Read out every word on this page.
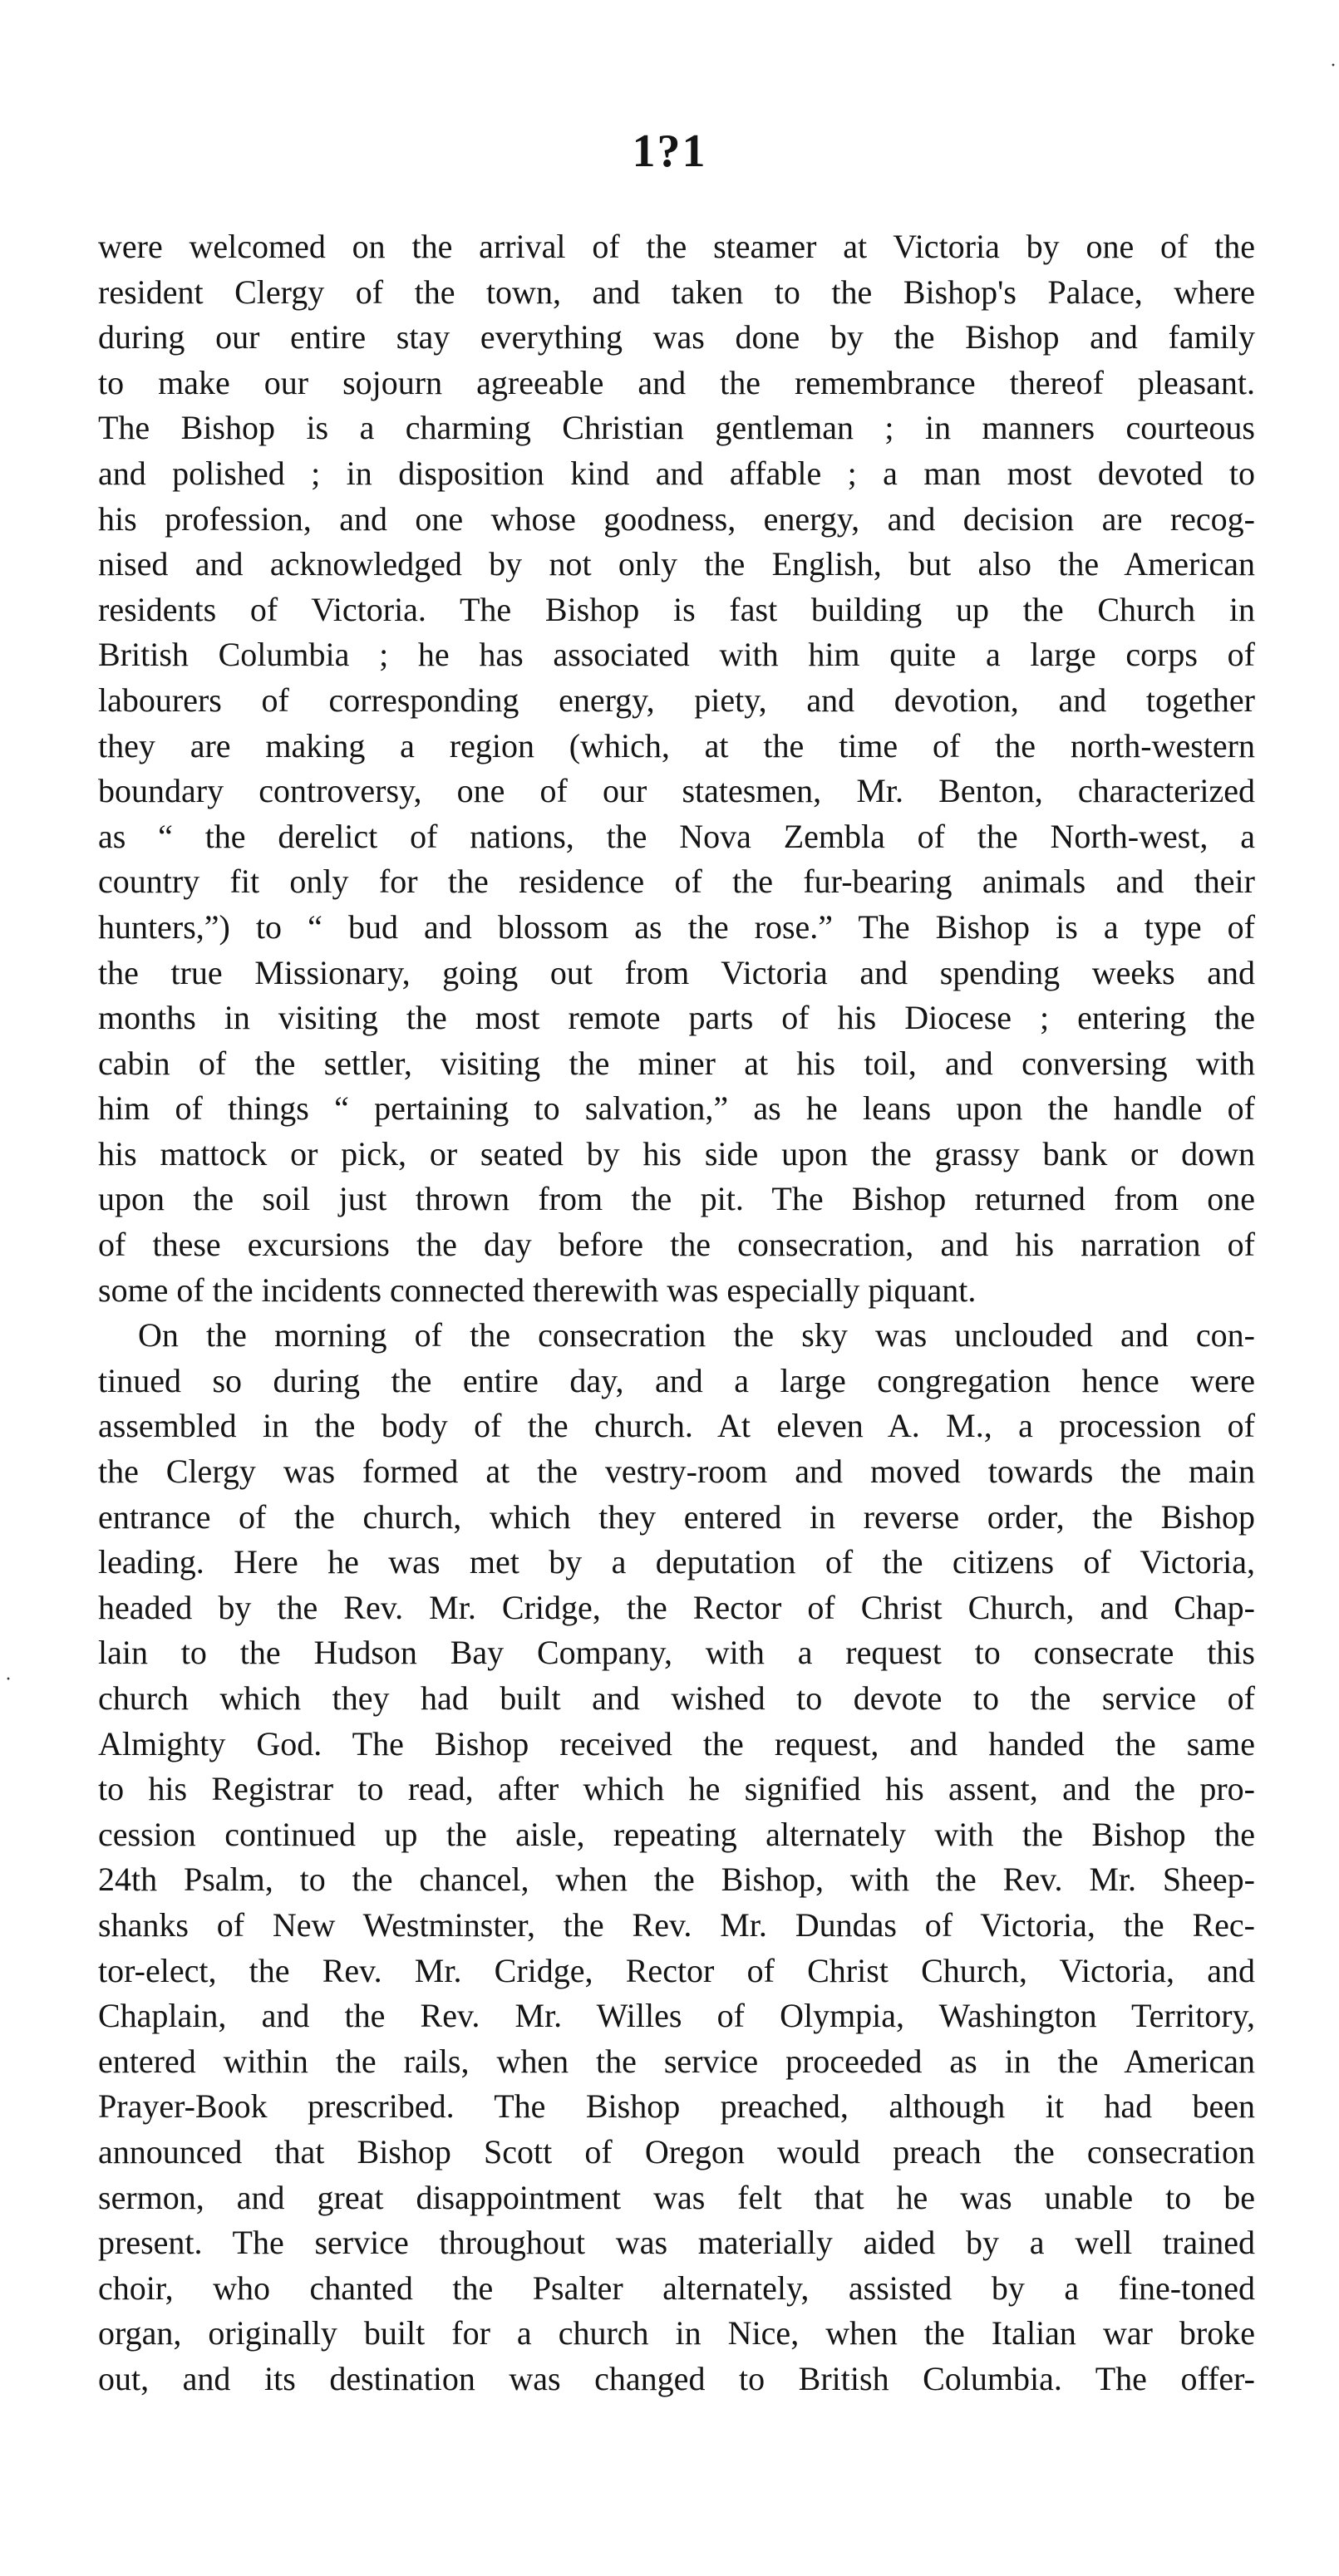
1?1
·
·
were welcomed on the arrival of the steamer at Victoria by one of the
resident Clergy of the town, and taken to the Bishop's Palace, where
during our entire stay everything was done by the Bishop and family
to make our sojourn agreeable and the remembrance thereof pleasant.
The Bishop is a charming Christian gentleman ; in manners courteous
and polished ; in disposition kind and affable ; a man most devoted to
his profession, and one whose goodness, energy, and decision are recog-
nised and acknowledged by not only the English, but also the American
residents of Victoria. The Bishop is fast building up the Church in
British Columbia ; he has associated with him quite a large corps of
labourers of corresponding energy, piety, and devotion, and together
they are making a region (which, at the time of the north-western
boundary controversy, one of our statesmen, Mr. Benton, characterized
as “ the derelict of nations, the Nova Zembla of the North-west, a
country fit only for the residence of the fur-bearing animals and their
hunters,”) to “ bud and blossom as the rose.” The Bishop is a type of
the true Missionary, going out from Victoria and spending weeks and
months in visiting the most remote parts of his Diocese ; entering the
cabin of the settler, visiting the miner at his toil, and conversing with
him of things “ pertaining to salvation,” as he leans upon the handle of
his mattock or pick, or seated by his side upon the grassy bank or down
upon the soil just thrown from the pit. The Bishop returned from one
of these excursions the day before the consecration, and his narration of
some of the incidents connected therewith was especially piquant.
On the morning of the consecration the sky was unclouded and con-
tinued so during the entire day, and a large congregation hence were
assembled in the body of the church. At eleven A. M., a procession of
the Clergy was formed at the vestry-room and moved towards the main
entrance of the church, which they entered in reverse order, the Bishop
leading. Here he was met by a deputation of the citizens of Victoria,
headed by the Rev. Mr. Cridge, the Rector of Christ Church, and Chap-
lain to the Hudson Bay Company, with a request to consecrate this
church which they had built and wished to devote to the service of
Almighty God. The Bishop received the request, and handed the same
to his Registrar to read, after which he signified his assent, and the pro-
cession continued up the aisle, repeating alternately with the Bishop the
24th Psalm, to the chancel, when the Bishop, with the Rev. Mr. Sheep-
shanks of New Westminster, the Rev. Mr. Dundas of Victoria, the Rec-
tor-elect, the Rev. Mr. Cridge, Rector of Christ Church, Victoria, and
Chaplain, and the Rev. Mr. Willes of Olympia, Washington Territory,
entered within the rails, when the service proceeded as in the American
Prayer-Book prescribed. The Bishop preached, although it had been
announced that Bishop Scott of Oregon would preach the consecration
sermon, and great disappointment was felt that he was unable to be
present. The service throughout was materially aided by a well trained
choir, who chanted the Psalter alternately, assisted by a fine-toned
organ, originally built for a church in Nice, when the Italian war broke
out, and its destination was changed to British Columbia. The offer-
